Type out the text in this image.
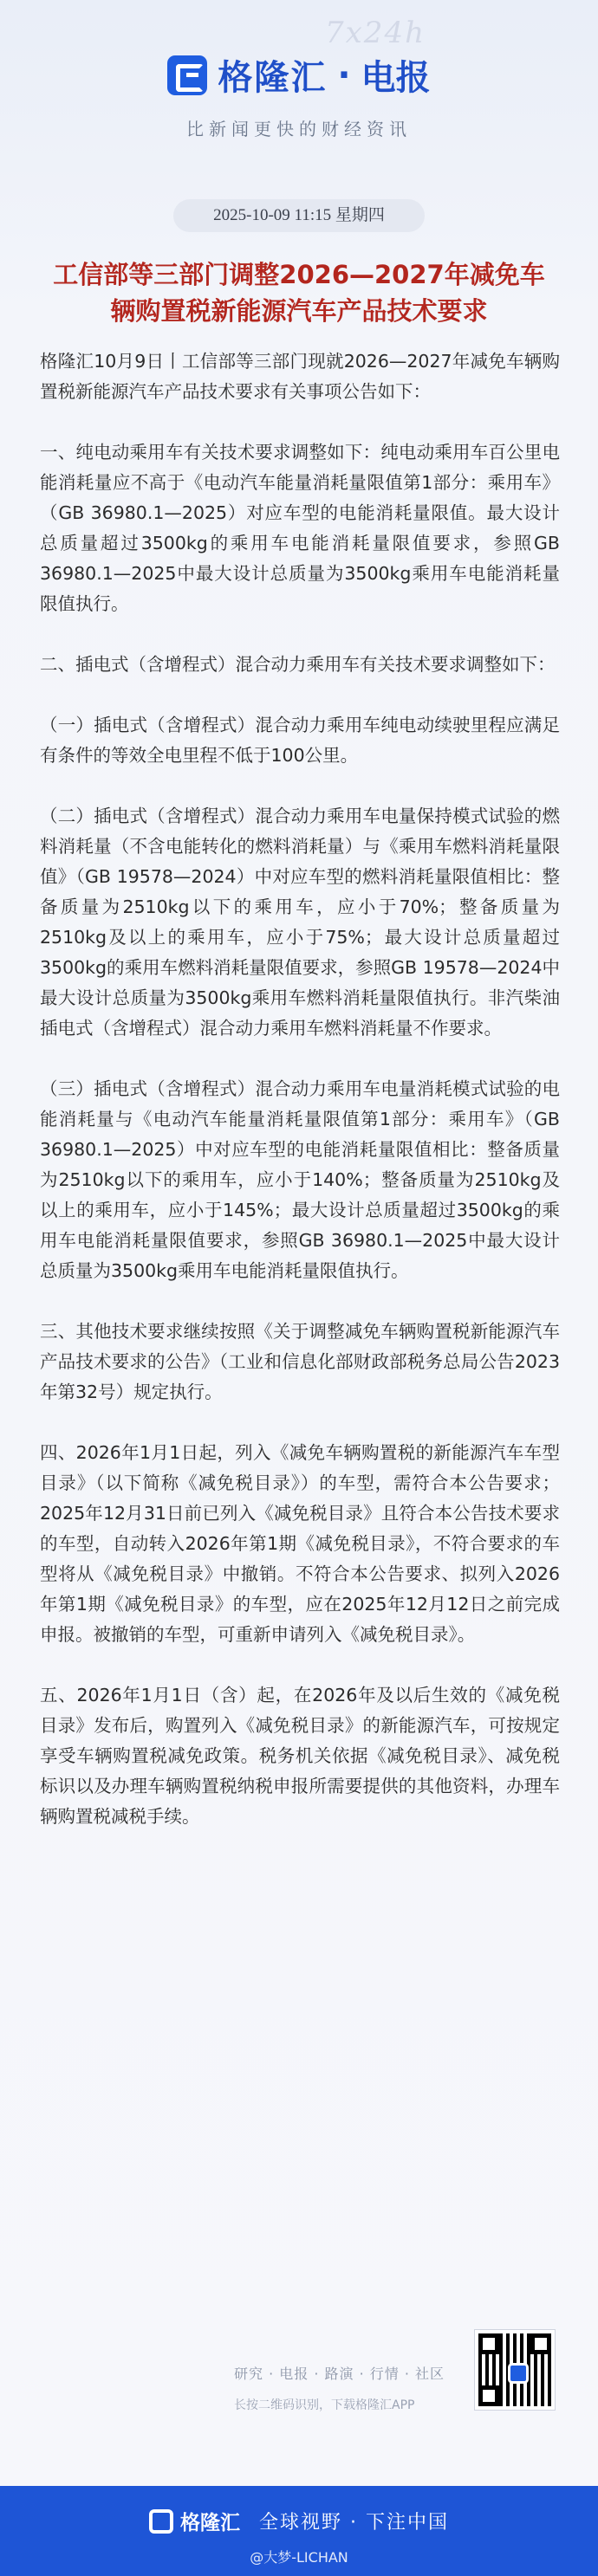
7x24h
格隆汇 · 电报
比新闻更快的财经资讯
2025-10-09 11:15 星期四
工信部等三部门调整2026—2027年减免车辆购置税新能源汽车产品技术要求

格隆汇10月9日丨工信部等三部门现就2026—2027年减免车辆购置税新能源汽车产品技术要求有关事项公告如下：

一、纯电动乘用车有关技术要求调整如下：纯电动乘用车百公里电能消耗量应不高于《电动汽车能量消耗量限值第1部分：乘用车》（GB 36980.1—2025）对应车型的电能消耗量限值。最大设计总质量超过3500kg的乘用车电能消耗量限值要求，参照GB 36980.1—2025中最大设计总质量为3500kg乘用车电能消耗量限值执行。

二、插电式（含增程式）混合动力乘用车有关技术要求调整如下：

（一）插电式（含增程式）混合动力乘用车纯电动续驶里程应满足有条件的等效全电里程不低于100公里。

（二）插电式（含增程式）混合动力乘用车电量保持模式试验的燃料消耗量（不含电能转化的燃料消耗量）与《乘用车燃料消耗量限值》（GB 19578—2024）中对应车型的燃料消耗量限值相比：整备质量为2510kg以下的乘用车，应小于70%；整备质量为2510kg及以上的乘用车，应小于75%；最大设计总质量超过3500kg的乘用车燃料消耗量限值要求，参照GB 19578—2024中最大设计总质量为3500kg乘用车燃料消耗量限值执行。非汽柴油插电式（含增程式）混合动力乘用车燃料消耗量不作要求。

（三）插电式（含增程式）混合动力乘用车电量消耗模式试验的电能消耗量与《电动汽车能量消耗量限值第1部分：乘用车》（GB 36980.1—2025）中对应车型的电能消耗量限值相比：整备质量为2510kg以下的乘用车，应小于140%；整备质量为2510kg及以上的乘用车，应小于145%；最大设计总质量超过3500kg的乘用车电能消耗量限值要求，参照GB 36980.1—2025中最大设计总质量为3500kg乘用车电能消耗量限值执行。

三、其他技术要求继续按照《关于调整减免车辆购置税新能源汽车产品技术要求的公告》（工业和信息化部财政部税务总局公告2023年第32号）规定执行。

四、2026年1月1日起，列入《减免车辆购置税的新能源汽车车型目录》（以下简称《减免税目录》）的车型，需符合本公告要求；2025年12月31日前已列入《减免税目录》且符合本公告技术要求的车型，自动转入2026年第1期《减免税目录》，不符合要求的车型将从《减免税目录》中撤销。不符合本公告要求、拟列入2026年第1期《减免税目录》的车型，应在2025年12月12日之前完成申报。被撤销的车型，可重新申请列入《减免税目录》。

五、2026年1月1日（含）起，在2026年及以后生效的《减免税目录》发布后，购置列入《减免税目录》的新能源汽车，可按规定享受车辆购置税减免政策。税务机关依据《减免税目录》、减免税标识以及办理车辆购置税纳税申报所需要提供的其他资料，办理车辆购置税减税手续。

研究 · 电报 · 路演 · 行情 · 社区
长按二维码识别，下载格隆汇APP
格隆汇 全球视野 · 下注中国
@大梦-LICHAN
